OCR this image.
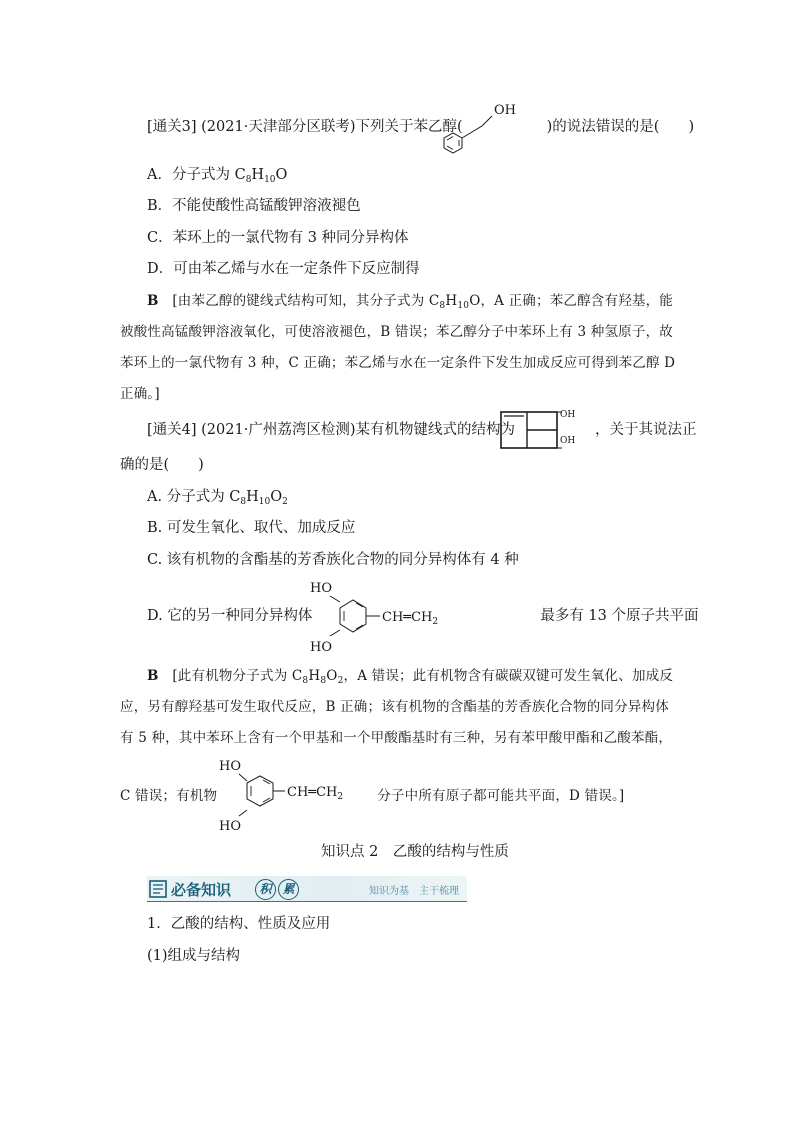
[通关3] (2021·天津部分区联考)下列关于苯乙醇(	)的说法错误的是(　　)
OH
A．分子式为 $C_8H_{10}O$
B．不能使酸性高锰酸钾溶液褪色
C．苯环上的一氯代物有 3 种同分异构体
D．可由苯乙烯与水在一定条件下反应制得
B　 [由苯乙醇的键线式结构可知，其分子式为 $C_8H_{10}O$，A 正确；苯乙醇含有羟基，能
被酸性高锰酸钾溶液氧化，可使溶液褪色，B 错误；苯乙醇分子中苯环上有 3 种氢原子，故
苯环上的一氯代物有 3 种，C 正确；苯乙烯与水在一定条件下发生加成反应可得到苯乙醇 D
正确。]
[通关4] (2021·广州荔湾区检测)某有机物键线式的结构为	，关于其说法正
OH
OH
确的是(　　)
A. 分子式为 $C_8H_{10}O_2$
B. 可发生氧化、取代、加成反应
C. 该有机物的含酯基的芳香族化合物的同分异构体有 4 种
D. 它的另一种同分异构体	最多有 13 个原子共平面
HO
HO
$CH═CH_2$
B　 [此有机物分子式为 $C_8H_8O_2$，A 错误；此有机物含有碳碳双键可发生氧化、加成反
应，另有醇羟基可发生取代反应，B 正确；该有机物的含酯基的芳香族化合物的同分异构体
有 5 种，其中苯环上含有一个甲基和一个甲酸酯基时有三种，另有苯甲酸甲酯和乙酸苯酯，
C 错误；有机物	分子中所有原子都可能共平面，D 错误。]
HO
HO
$CH═CH_2$
知识点 2　乙酸的结构与性质
必备知识	积 累	知识为基　主干梳理
1．乙酸的结构、性质及应用
(1)组成与结构
